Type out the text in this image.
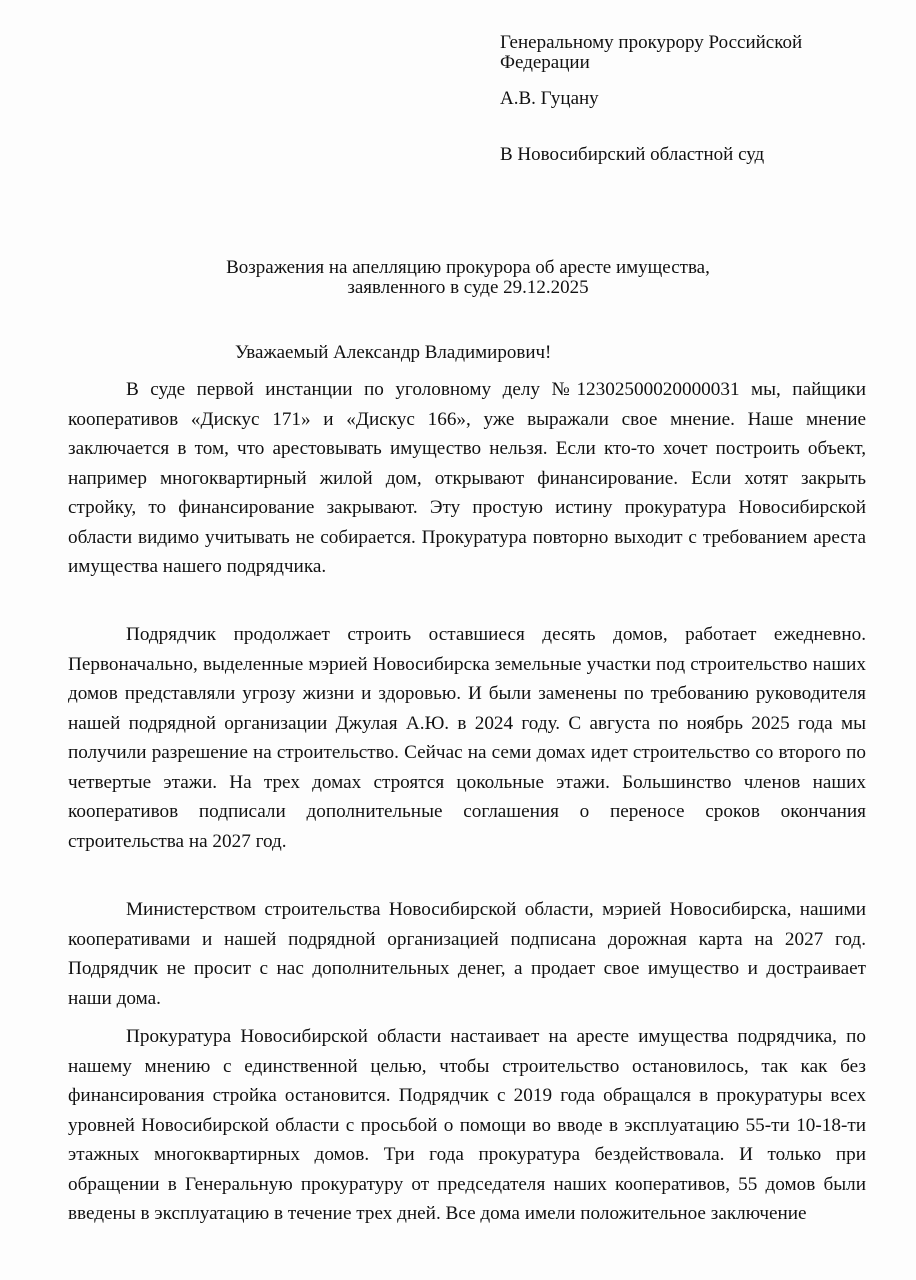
Генеральному прокурору Российской Федерации
А.В. Гуцану
В Новосибирский областной суд
Возражения на апелляцию прокурора об аресте имущества,
заявленного в суде 29.12.2025
Уважаемый Александр Владимирович!

В суде первой инстанции по уголовному делу №12302500020000031 мы, пайщики кооперативов «Дискус 171» и «Дискус 166», уже выражали свое мнение. Наше мнение заключается в том, что арестовывать имущество нельзя. Если кто-то хочет построить объект, например многоквартирный жилой дом, открывают финансирование. Если хотят закрыть стройку, то финансирование закрывают. Эту простую истину прокуратура Новосибирской области видимо учитывать не собирается. Прокуратура повторно выходит с требованием ареста имущества нашего подрядчика.

Подрядчик продолжает строить оставшиеся десять домов, работает ежедневно. Первоначально, выделенные мэрией Новосибирска земельные участки под строительство наших домов представляли угрозу жизни и здоровью. И были заменены по требованию руководителя нашей подрядной организации Джулая А.Ю. в 2024 году. С августа по ноябрь 2025 года мы получили разрешение на строительство. Сейчас на семи домах идет строительство со второго по четвертые этажи. На трех домах строятся цокольные этажи. Большинство членов наших кооперативов подписали дополнительные соглашения о переносе сроков окончания строительства на 2027 год.

Министерством строительства Новосибирской области, мэрией Новосибирска, нашими кооперативами и нашей подрядной организацией подписана дорожная карта на 2027 год. Подрядчик не просит с нас дополнительных денег, а продает свое имущество и достраивает наши дома.

Прокуратура Новосибирской области настаивает на аресте имущества подрядчика, по нашему мнению с единственной целью, чтобы строительство остановилось, так как без финансирования стройка остановится. Подрядчик с 2019 года обращался в прокуратуры всех уровней Новосибирской области с просьбой о помощи во вводе в эксплуатацию 55-ти 10-18-ти этажных многоквартирных домов. Три года прокуратура бездействовала. И только при обращении в Генеральную прокуратуру от председателя наших кооперативов, 55 домов были введены в эксплуатацию в течение трех дней. Все дома имели положительное заключение
